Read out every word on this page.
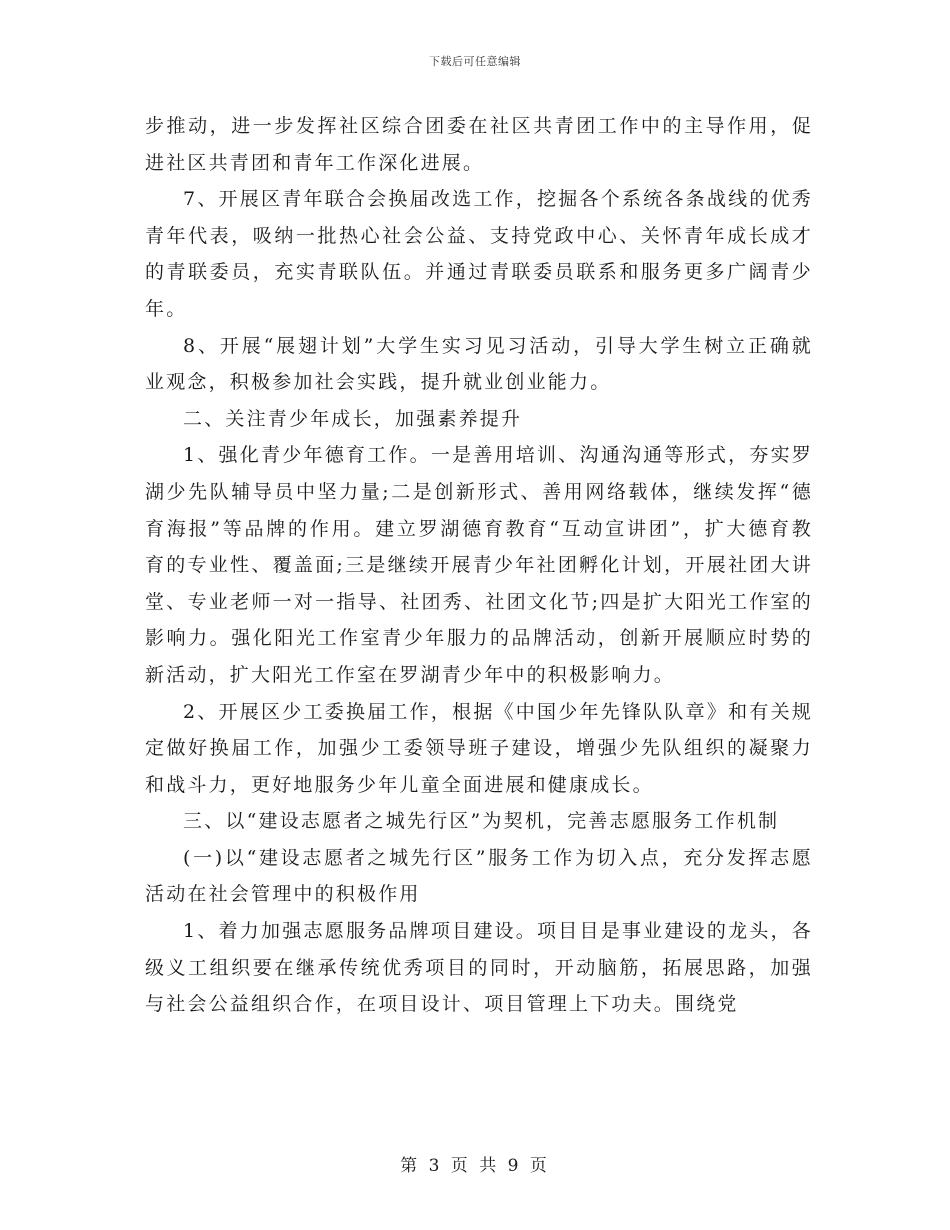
下载后可任意编辑

步推动，进一步发挥社区综合团委在社区共青团工作中的主导作用，促进社区共青团和青年工作深化进展。

7、开展区青年联合会换届改选工作，挖掘各个系统各条战线的优秀青年代表，吸纳一批热心社会公益、支持党政中心、关怀青年成长成才的青联委员，充实青联队伍。并通过青联委员联系和服务更多广阔青少年。

8、开展“展翅计划”大学生实习见习活动，引导大学生树立正确就业观念，积极参加社会实践，提升就业创业能力。

二、关注青少年成长，加强素养提升

1、强化青少年德育工作。一是善用培训、沟通沟通等形式，夯实罗湖少先队辅导员中坚力量;二是创新形式、善用网络载体，继续发挥“德育海报”等品牌的作用。建立罗湖德育教育“互动宣讲团”，扩大德育教育的专业性、覆盖面;三是继续开展青少年社团孵化计划，开展社团大讲堂、专业老师一对一指导、社团秀、社团文化节;四是扩大阳光工作室的影响力。强化阳光工作室青少年服力的品牌活动，创新开展顺应时势的新活动，扩大阳光工作室在罗湖青少年中的积极影响力。

2、开展区少工委换届工作，根据《中国少年先锋队队章》和有关规定做好换届工作，加强少工委领导班子建设，增强少先队组织的凝聚力和战斗力，更好地服务少年儿童全面进展和健康成长。

三、以“建设志愿者之城先行区”为契机，完善志愿服务工作机制

(一)以“建设志愿者之城先行区”服务工作为切入点，充分发挥志愿活动在社会管理中的积极作用

1、着力加强志愿服务品牌项目建设。项目目是事业建设的龙头，各级义工组织要在继承传统优秀项目的同时，开动脑筋，拓展思路，加强与社会公益组织合作，在项目设计、项目管理上下功夫。围绕党

第 3 页 共 9 页
